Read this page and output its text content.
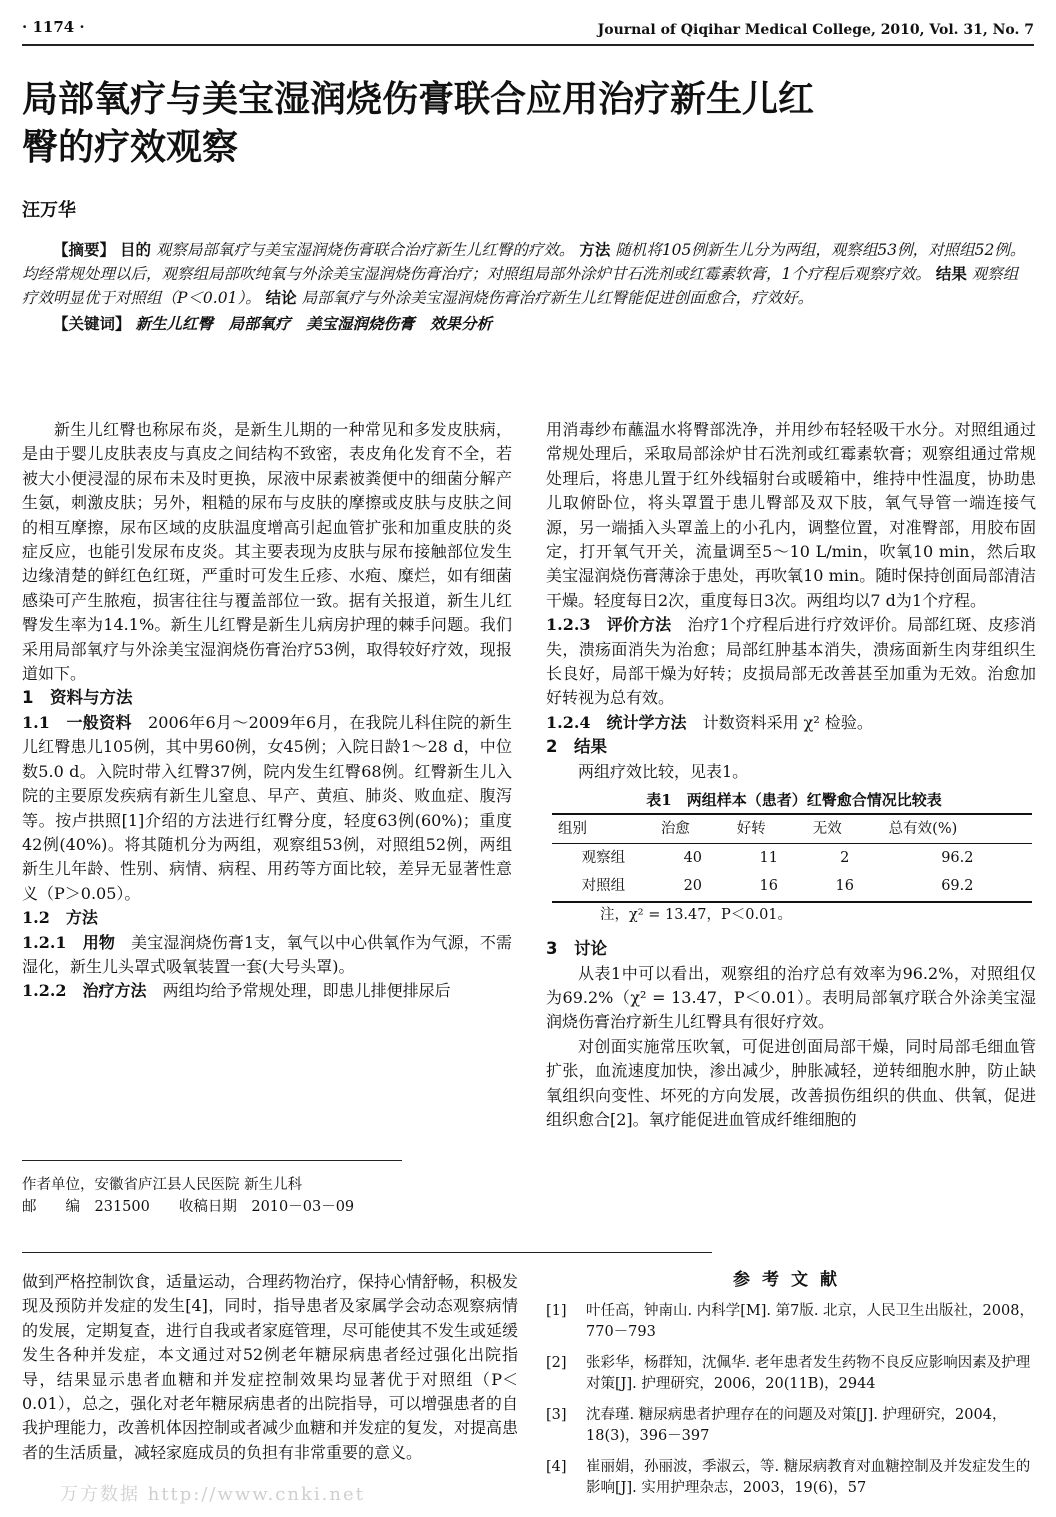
· 1174 ·	Journal of Qiqihar Medical College, 2010, Vol. 31, No. 7
局部氧疗与美宝湿润烧伤膏联合应用治疗新生儿红臀的疗效观察
汪万华

【摘要】 目的 观察局部氧疗与美宝湿润烧伤膏联合治疗新生儿红臀的疗效。 方法 随机将105例新生儿分为两组，观察组53例，对照组52例。均经常规处理以后，观察组局部吹纯氧与外涂美宝湿润烧伤膏治疗；对照组局部外涂炉甘石洗剂或红霉素软膏，1个疗程后观察疗效。 结果 观察组疗效明显优于对照组（P＜0.01）。 结论 局部氧疗与外涂美宝湿润烧伤膏治疗新生儿红臀能促进创面愈合，疗效好。

【关键词】 新生儿红臀　局部氧疗　美宝湿润烧伤膏　效果分析

新生儿红臀也称尿布炎，是新生儿期的一种常见和多发皮肤病，是由于婴儿皮肤表皮与真皮之间结构不致密，表皮角化发育不全，若被大小便浸湿的尿布未及时更换，尿液中尿素被粪便中的细菌分解产生氨，刺激皮肤；另外，粗糙的尿布与皮肤的摩擦或皮肤与皮肤之间的相互摩擦，尿布区域的皮肤温度增高引起血管扩张和加重皮肤的炎症反应，也能引发尿布皮炎。其主要表现为皮肤与尿布接触部位发生边缘清楚的鲜红色红斑，严重时可发生丘疹、水疱、糜烂，如有细菌感染可产生脓疱，损害往往与覆盖部位一致。据有关报道，新生儿红臀发生率为14.1%。新生儿红臀是新生儿病房护理的棘手问题。我们采用局部氧疗与外涂美宝湿润烧伤膏治疗53例，取得较好疗效，现报道如下。

1　资料与方法

1.1　一般资料　 2006年6月～2009年6月，在我院儿科住院的新生儿红臀患儿105例，其中男60例，女45例；入院日龄1～28 d，中位数5.0 d。入院时带入红臀37例，院内发生红臀68例。红臀新生儿入院的主要原发疾病有新生儿窒息、早产、黄疸、肺炎、败血症、腹泻等。按卢拱照[1]介绍的方法进行红臀分度，轻度63例(60%)；重度42例(40%)。将其随机分为两组，观察组53例，对照组52例，两组新生儿年龄、性别、病情、病程、用药等方面比较，差异无显著性意义（P＞0.05）。

1.2　方法

1.2.1　用物　 美宝湿润烧伤膏1支，氧气以中心供氧作为气源，不需湿化，新生儿头罩式吸氧装置一套(大号头罩)。

1.2.2　治疗方法　 两组均给予常规处理，即患儿排便排尿后

作者单位，安徽省庐江县人民医院 新生儿科

邮　　编　231500　　收稿日期　2010－03－09

用消毒纱布蘸温水将臀部洗净，并用纱布轻轻吸干水分。对照组通过常规处理后，采取局部涂炉甘石洗剂或红霉素软膏；观察组通过常规处理后，将患儿置于红外线辐射台或暖箱中，维持中性温度，协助患儿取俯卧位，将头罩置于患儿臀部及双下肢，氧气导管一端连接气源，另一端插入头罩盖上的小孔内，调整位置，对准臀部，用胶布固定，打开氧气开关，流量调至5～10 L/min，吹氧10 min，然后取美宝湿润烧伤膏薄涂于患处，再吹氧10 min。随时保持创面局部清洁干燥。轻度每日2次，重度每日3次。两组均以7 d为1个疗程。

1.2.3　评价方法　 治疗1个疗程后进行疗效评价。局部红斑、皮疹消失，溃疡面消失为治愈；局部红肿基本消失，溃疡面新生肉芽组织生长良好，局部干燥为好转；皮损局部无改善甚至加重为无效。治愈加好转视为总有效。

1.2.4　统计学方法　 计数资料采用 χ² 检验。

2　结果

两组疗效比较，见表1。

表1　两组样本（患者）红臀愈合情况比较表

组别	治愈	好转	无效	总有效(%)
观察组	40	11	2	96.2
对照组	20	16	16	69.2

注，χ² = 13.47，P＜0.01。

3　讨论

从表1中可以看出，观察组的治疗总有效率为96.2%，对照组仅为69.2%（χ² = 13.47，P＜0.01）。表明局部氧疗联合外涂美宝湿润烧伤膏治疗新生儿红臀具有很好疗效。

对创面实施常压吹氧，可促进创面局部干燥，同时局部毛细血管扩张，血流速度加快，渗出减少，肿胀减轻，逆转细胞水肿，防止缺氧组织向变性、坏死的方向发展，改善损伤组织的供血、供氧，促进组织愈合[2]。氧疗能促进血管成纤维细胞的

做到严格控制饮食，适量运动，合理药物治疗，保持心情舒畅，积极发现及预防并发症的发生[4]，同时，指导患者及家属学会动态观察病情的发展，定期复查，进行自我或者家庭管理，尽可能使其不发生或延缓发生各种并发症，本文通过对52例老年糖尿病患者经过强化出院指导，结果显示患者血糖和并发症控制效果均显著优于对照组（P＜0.01），总之，强化对老年糖尿病患者的出院指导，可以增强患者的自我护理能力，改善机体因控制或者减少血糖和并发症的复发，对提高患者的生活质量，减轻家庭成员的负担有非常重要的意义。

参考文献
[1]	叶任高，钟南山. 内科学[M]. 第7版. 北京，人民卫生出版社，2008，770－793
[2]	张彩华，杨群知，沈佩华. 老年患者发生药物不良反应影响因素及护理对策[J]. 护理研究，2006，20(11B)，2944
[3]	沈春瑾. 糖尿病患者护理存在的问题及对策[J]. 护理研究，2004，18(3)，396－397
[4]	崔丽娟，孙丽波，季淑云，等. 糖尿病教育对血糖控制及并发症发生的影响[J]. 实用护理杂志，2003，19(6)，57
万方数据 http://www.cnki.net
